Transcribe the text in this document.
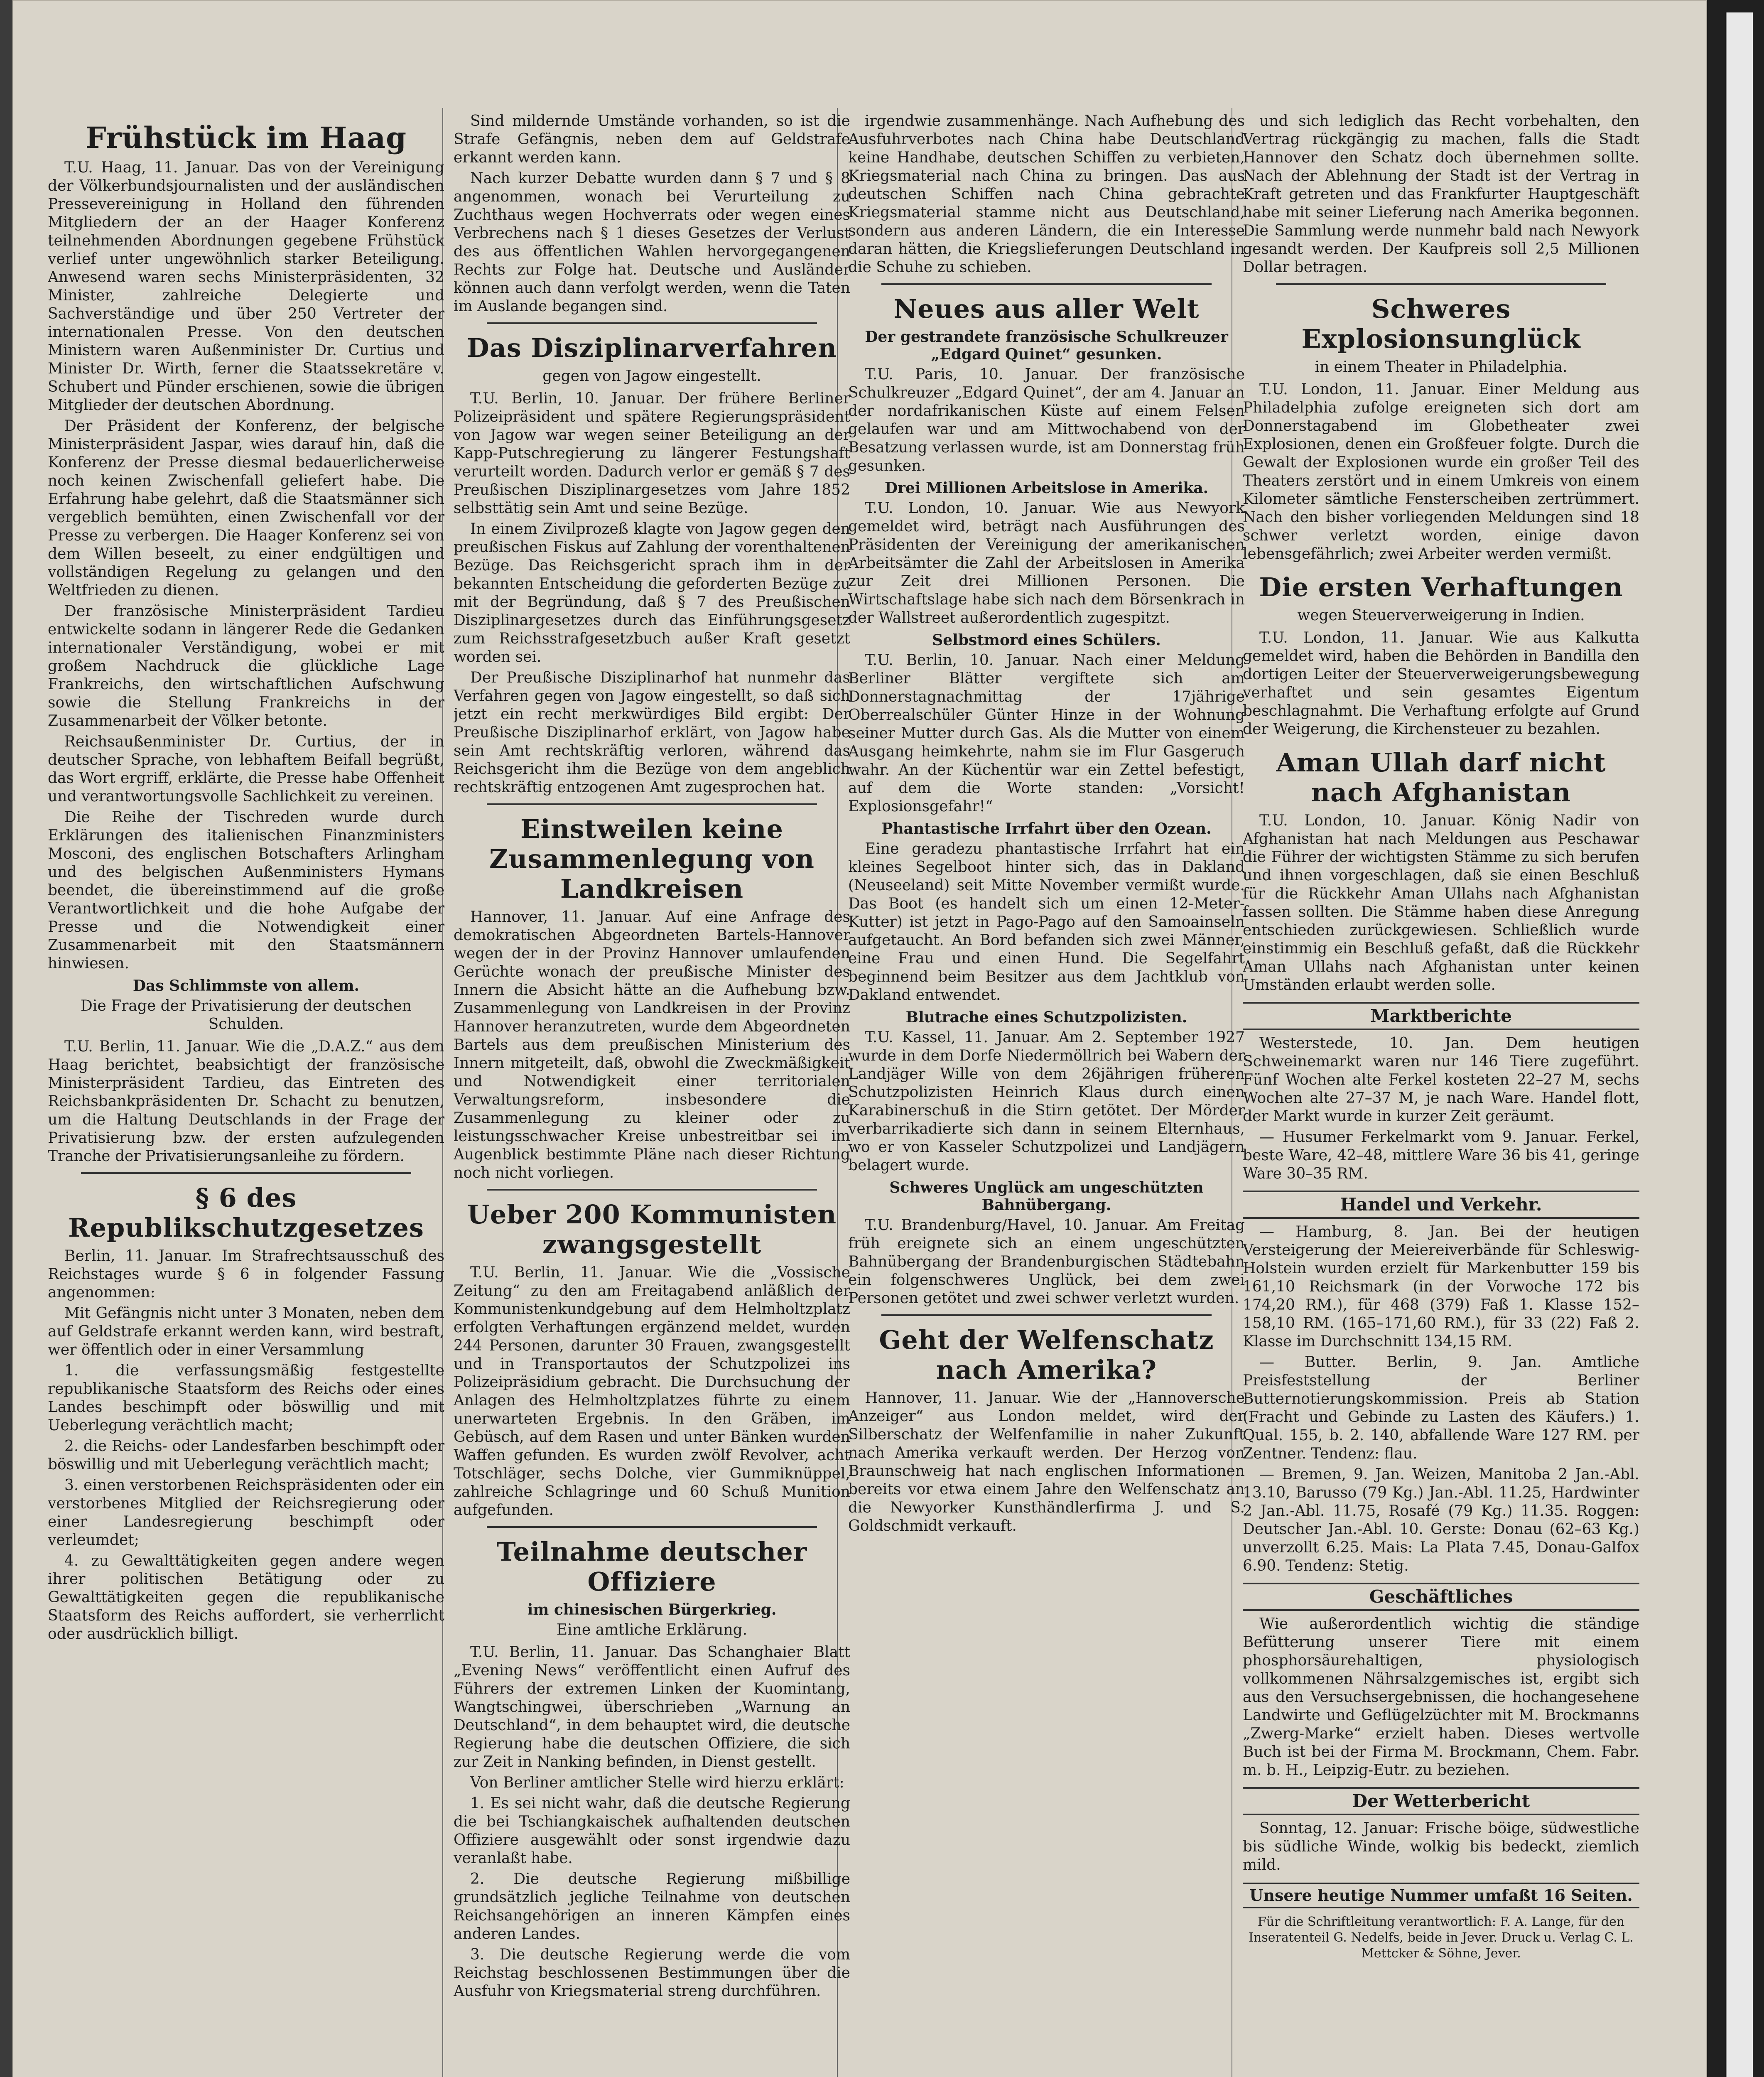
Frühstück im Haag

T.U. Haag, 11. Januar. Das von der Vereinigung der Völkerbundsjournalisten und der ausländischen Pressevereinigung in Holland den führenden Mitgliedern der an der Haager Konferenz teilnehmenden Abordnungen gegebene Frühstück verlief unter ungewöhnlich starker Beteiligung. Anwesend waren sechs Ministerpräsidenten, 32 Minister, zahlreiche Delegierte und Sachverständige und über 250 Vertreter der internationalen Presse. Von den deutschen Ministern waren Außenminister Dr. Curtius und Minister Dr. Wirth, ferner die Staatssekretäre v. Schubert und Pünder erschienen, sowie die übrigen Mitglieder der deutschen Abordnung.

Der Präsident der Konferenz, der belgische Ministerpräsident Jaspar, wies darauf hin, daß die Konferenz der Presse diesmal bedauerlicherweise noch keinen Zwischenfall geliefert habe. Die Erfahrung habe gelehrt, daß die Staatsmänner sich vergeblich bemühten, einen Zwischenfall vor der Presse zu verbergen. Die Haager Konferenz sei von dem Willen beseelt, zu einer endgültigen und vollständigen Regelung zu gelangen und den Weltfrieden zu dienen.

Der französische Ministerpräsident Tardieu entwickelte sodann in längerer Rede die Gedanken internationaler Verständigung, wobei er mit großem Nachdruck die glückliche Lage Frankreichs, den wirtschaftlichen Aufschwung sowie die Stellung Frankreichs in der Zusammenarbeit der Völker betonte.

Reichsaußenminister Dr. Curtius, der in deutscher Sprache, von lebhaftem Beifall begrüßt, das Wort ergriff, erklärte, die Presse habe Offenheit und verantwortungsvolle Sachlichkeit zu vereinen.

Die Reihe der Tischreden wurde durch Erklärungen des italienischen Finanzministers Mosconi, des englischen Botschafters Arlingham und des belgischen Außenministers Hymans beendet, die übereinstimmend auf die große Verantwortlichkeit und die hohe Aufgabe der Presse und die Notwendigkeit einer Zusammenarbeit mit den Staatsmännern hinwiesen.

Das Schlimmste von allem.
Die Frage der Privatisierung der deutschen Schulden.

T.U. Berlin, 11. Januar. Wie die „D.A.Z.“ aus dem Haag berichtet, beabsichtigt der französische Ministerpräsident Tardieu, das Eintreten des Reichsbankpräsidenten Dr. Schacht zu benutzen, um die Haltung Deutschlands in der Frage der Privatisierung bzw. der ersten aufzulegenden Tranche der Privatisierungsanleihe zu fördern.

§ 6 des Republikschutzgesetzes

Berlin, 11. Januar. Im Strafrechtsausschuß des Reichstages wurde § 6 in folgender Fassung angenommen:

Mit Gefängnis nicht unter 3 Monaten, neben dem auf Geldstrafe erkannt werden kann, wird bestraft, wer öffentlich oder in einer Versammlung

1. die verfassungsmäßig festgestellte republikanische Staatsform des Reichs oder eines Landes beschimpft oder böswillig und mit Ueberlegung verächtlich macht;

2. die Reichs- oder Landesfarben beschimpft oder böswillig und mit Ueberlegung verächtlich macht;

3. einen verstorbenen Reichspräsidenten oder ein verstorbenes Mitglied der Reichsregierung oder einer Landesregierung beschimpft oder verleumdet;

4. zu Gewalttätigkeiten gegen andere wegen ihrer politischen Betätigung oder zu Gewalttätigkeiten gegen die republikanische Staatsform des Reichs auffordert, sie verherrlicht oder ausdrücklich billigt.

Sind mildernde Umstände vorhanden, so ist die Strafe Gefängnis, neben dem auf Geldstrafe erkannt werden kann.

Nach kurzer Debatte wurden dann § 7 und § 8 angenommen, wonach bei Verurteilung zu Zuchthaus wegen Hochverrats oder wegen eines Verbrechens nach § 1 dieses Gesetzes der Verlust des aus öffentlichen Wahlen hervorgegangenen Rechts zur Folge hat. Deutsche und Ausländer können auch dann verfolgt werden, wenn die Taten im Auslande begangen sind.

Das Disziplinarverfahren
gegen von Jagow eingestellt.

T.U. Berlin, 10. Januar. Der frühere Berliner Polizeipräsident und spätere Regierungspräsident von Jagow war wegen seiner Beteiligung an der Kapp-Putschregierung zu längerer Festungshaft verurteilt worden. Dadurch verlor er gemäß § 7 des Preußischen Disziplinargesetzes vom Jahre 1852 selbsttätig sein Amt und seine Bezüge.

In einem Zivilprozeß klagte von Jagow gegen den preußischen Fiskus auf Zahlung der vorenthaltenen Bezüge. Das Reichsgericht sprach ihm in der bekannten Entscheidung die geforderten Bezüge zu mit der Begründung, daß § 7 des Preußischen Disziplinargesetzes durch das Einführungsgesetz zum Reichsstrafgesetzbuch außer Kraft gesetzt worden sei.

Der Preußische Disziplinarhof hat nunmehr das Verfahren gegen von Jagow eingestellt, so daß sich jetzt ein recht merkwürdiges Bild ergibt: Der Preußische Disziplinarhof erklärt, von Jagow habe sein Amt rechtskräftig verloren, während das Reichsgericht ihm die Bezüge von dem angeblich rechtskräftig entzogenen Amt zugesprochen hat.

Einstweilen keine Zusammenlegung von Landkreisen

Hannover, 11. Januar. Auf eine Anfrage des demokratischen Abgeordneten Bartels-Hannover wegen der in der Provinz Hannover umlaufenden Gerüchte wonach der preußische Minister des Innern die Absicht hätte an die Aufhebung bzw. Zusammenlegung von Landkreisen in der Provinz Hannover heranzutreten, wurde dem Abgeordneten Bartels aus dem preußischen Ministerium des Innern mitgeteilt, daß, obwohl die Zweckmäßigkeit und Notwendigkeit einer territorialen Verwaltungsreform, insbesondere die Zusammenlegung zu kleiner oder zu leistungsschwacher Kreise unbestreitbar sei im Augenblick bestimmte Pläne nach dieser Richtung noch nicht vorliegen.

Ueber 200 Kommunisten zwangsgestellt

T.U. Berlin, 11. Januar. Wie die „Vossische Zeitung“ zu den am Freitagabend anläßlich der Kommunistenkundgebung auf dem Helmholtzplatz erfolgten Verhaftungen ergänzend meldet, wurden 244 Personen, darunter 30 Frauen, zwangsgestellt und in Transportautos der Schutzpolizei ins Polizeipräsidium gebracht. Die Durchsuchung der Anlagen des Helmholtzplatzes führte zu einem unerwarteten Ergebnis. In den Gräben, im Gebüsch, auf dem Rasen und unter Bänken wurden Waffen gefunden. Es wurden zwölf Revolver, acht Totschläger, sechs Dolche, vier Gummiknüppel, zahlreiche Schlagringe und 60 Schuß Munition aufgefunden.

Teilnahme deutscher Offiziere
im chinesischen Bürgerkrieg.
Eine amtliche Erklärung.

T.U. Berlin, 11. Januar. Das Schanghaier Blatt „Evening News“ veröffentlicht einen Aufruf des Führers der extremen Linken der Kuomintang, Wangtschingwei, überschrieben „Warnung an Deutschland“, in dem behauptet wird, die deutsche Regierung habe die deutschen Offiziere, die sich zur Zeit in Nanking befinden, in Dienst gestellt.

Von Berliner amtlicher Stelle wird hierzu erklärt:

1. Es sei nicht wahr, daß die deutsche Regierung die bei Tschiangkaischek aufhaltenden deutschen Offiziere ausgewählt oder sonst irgendwie dazu veranlaßt habe.

2. Die deutsche Regierung mißbillige grundsätzlich jegliche Teilnahme von deutschen Reichsangehörigen an inneren Kämpfen eines anderen Landes.

3. Die deutsche Regierung werde die vom Reichstag beschlossenen Bestimmungen über die Ausfuhr von Kriegsmaterial streng durchführen.

irgendwie zusammenhänge. Nach Aufhebung des Ausfuhrverbotes nach China habe Deutschland keine Handhabe, deutschen Schiffen zu verbieten, Kriegsmaterial nach China zu bringen. Das aus deutschen Schiffen nach China gebrachte Kriegsmaterial stamme nicht aus Deutschland, sondern aus anderen Ländern, die ein Interesse daran hätten, die Kriegslieferungen Deutschland in die Schuhe zu schieben.

Neues aus aller Welt
Der gestrandete französische Schulkreuzer „Edgard Quinet“ gesunken.

T.U. Paris, 10. Januar. Der französische Schulkreuzer „Edgard Quinet“, der am 4. Januar an der nordafrikanischen Küste auf einem Felsen gelaufen war und am Mittwochabend von der Besatzung verlassen wurde, ist am Donnerstag früh gesunken.

Drei Millionen Arbeitslose in Amerika.

T.U. London, 10. Januar. Wie aus Newyork gemeldet wird, beträgt nach Ausführungen des Präsidenten der Vereinigung der amerikanischen Arbeitsämter die Zahl der Arbeitslosen in Amerika zur Zeit drei Millionen Personen. Die Wirtschaftslage habe sich nach dem Börsenkrach in der Wallstreet außerordentlich zugespitzt.

Selbstmord eines Schülers.

T.U. Berlin, 10. Januar. Nach einer Meldung Berliner Blätter vergiftete sich am Donnerstagnachmittag der 17jährige Oberrealschüler Günter Hinze in der Wohnung seiner Mutter durch Gas. Als die Mutter von einem Ausgang heimkehrte, nahm sie im Flur Gasgeruch wahr. An der Küchentür war ein Zettel befestigt, auf dem die Worte standen: „Vorsicht! Explosionsgefahr!“

Phantastische Irrfahrt über den Ozean.

Eine geradezu phantastische Irrfahrt hat ein kleines Segelboot hinter sich, das in Dakland (Neuseeland) seit Mitte November vermißt wurde. Das Boot (es handelt sich um einen 12-Meter-Kutter) ist jetzt in Pago-Pago auf den Samoainseln aufgetaucht. An Bord befanden sich zwei Männer, eine Frau und einen Hund. Die Segelfahrt beginnend beim Besitzer aus dem Jachtklub von Dakland entwendet.

Blutrache eines Schutzpolizisten.

T.U. Kassel, 11. Januar. Am 2. September 1927 wurde in dem Dorfe Niedermöllrich bei Wabern der Landjäger Wille von dem 26jährigen früheren Schutzpolizisten Heinrich Klaus durch einen Karabinerschuß in die Stirn getötet. Der Mörder verbarrikadierte sich dann in seinem Elternhaus, wo er von Kasseler Schutzpolizei und Landjägern belagert wurde.

Schweres Unglück am ungeschützten Bahnübergang.

T.U. Brandenburg/Havel, 10. Januar. Am Freitag früh ereignete sich an einem ungeschützten Bahnübergang der Brandenburgischen Städtebahn ein folgenschweres Unglück, bei dem zwei Personen getötet und zwei schwer verletzt wurden.

Geht der Welfenschatz nach Amerika?

Hannover, 11. Januar. Wie der „Hannoversche Anzeiger“ aus London meldet, wird der Silberschatz der Welfenfamilie in naher Zukunft nach Amerika verkauft werden. Der Herzog von Braunschweig hat nach englischen Informationen bereits vor etwa einem Jahre den Welfenschatz an die Newyorker Kunsthändlerfirma J. und S. Goldschmidt verkauft.

und sich lediglich das Recht vorbehalten, den Vertrag rückgängig zu machen, falls die Stadt Hannover den Schatz doch übernehmen sollte. Nach der Ablehnung der Stadt ist der Vertrag in Kraft getreten und das Frankfurter Hauptgeschäft habe mit seiner Lieferung nach Amerika begonnen. Die Sammlung werde nunmehr bald nach Newyork gesandt werden. Der Kaufpreis soll 2,5 Millionen Dollar betragen.

Schweres Explosionsunglück
in einem Theater in Philadelphia.

T.U. London, 11. Januar. Einer Meldung aus Philadelphia zufolge ereigneten sich dort am Donnerstagabend im Globetheater zwei Explosionen, denen ein Großfeuer folgte. Durch die Gewalt der Explosionen wurde ein großer Teil des Theaters zerstört und in einem Umkreis von einem Kilometer sämtliche Fensterscheiben zertrümmert. Nach den bisher vorliegenden Meldungen sind 18 schwer verletzt worden, einige davon lebensgefährlich; zwei Arbeiter werden vermißt.

Die ersten Verhaftungen
wegen Steuerverweigerung in Indien.

T.U. London, 11. Januar. Wie aus Kalkutta gemeldet wird, haben die Behörden in Bandilla den dortigen Leiter der Steuerverweigerungsbewegung verhaftet und sein gesamtes Eigentum beschlagnahmt. Die Verhaftung erfolgte auf Grund der Weigerung, die Kirchensteuer zu bezahlen.

Aman Ullah darf nicht nach Afghanistan

T.U. London, 10. Januar. König Nadir von Afghanistan hat nach Meldungen aus Peschawar die Führer der wichtigsten Stämme zu sich berufen und ihnen vorgeschlagen, daß sie einen Beschluß für die Rückkehr Aman Ullahs nach Afghanistan fassen sollten. Die Stämme haben diese Anregung entschieden zurückgewiesen. Schließlich wurde einstimmig ein Beschluß gefaßt, daß die Rückkehr Aman Ullahs nach Afghanistan unter keinen Umständen erlaubt werden solle.

Marktberichte

Westerstede, 10. Jan. Dem heutigen Schweinemarkt waren nur 146 Tiere zugeführt. Fünf Wochen alte Ferkel kosteten 22–27 M, sechs Wochen alte 27–37 M, je nach Ware. Handel flott, der Markt wurde in kurzer Zeit geräumt.

— Husumer Ferkelmarkt vom 9. Januar. Ferkel, beste Ware, 42–48, mittlere Ware 36 bis 41, geringe Ware 30–35 RM.

Handel und Verkehr.

— Hamburg, 8. Jan. Bei der heutigen Versteigerung der Meiereiverbände für Schleswig-Holstein wurden erzielt für Markenbutter 159 bis 161,10 Reichsmark (in der Vorwoche 172 bis 174,20 RM.), für 468 (379) Faß 1. Klasse 152–158,10 RM. (165–171,60 RM.), für 33 (22) Faß 2. Klasse im Durchschnitt 134,15 RM.

— Butter. Berlin, 9. Jan. Amtliche Preisfeststellung der Berliner Butternotierungskommission. Preis ab Station (Fracht und Gebinde zu Lasten des Käufers.) 1. Qual. 155, b. 2. 140, abfallende Ware 127 RM. per Zentner. Tendenz: flau.

— Bremen, 9. Jan. Weizen, Manitoba 2 Jan.-Abl. 13.10, Barusso (79 Kg.) Jan.-Abl. 11.25, Hardwinter 2 Jan.-Abl. 11.75, Rosafé (79 Kg.) 11.35. Roggen: Deutscher Jan.-Abl. 10. Gerste: Donau (62–63 Kg.) unverzollt 6.25. Mais: La Plata 7.45, Donau-Galfox 6.90. Tendenz: Stetig.

Geschäftliches

Wie außerordentlich wichtig die ständige Befütterung unserer Tiere mit einem phosphorsäurehaltigen, physiologisch vollkommenen Nährsalzgemisches ist, ergibt sich aus den Versuchsergebnissen, die hochangesehene Landwirte und Geflügelzüchter mit M. Brockmanns „Zwerg-Marke“ erzielt haben. Dieses wertvolle Buch ist bei der Firma M. Brockmann, Chem. Fabr. m. b. H., Leipzig-Eutr. zu beziehen.

Der Wetterbericht

Sonntag, 12. Januar: Frische böige, südwestliche bis südliche Winde, wolkig bis bedeckt, ziemlich mild.

Unsere heutige Nummer umfaßt 16 Seiten.
Für die Schriftleitung verantwortlich: F. A. Lange, für den Inseratenteil G. Nedelfs, beide in Jever. Druck u. Verlag C. L. Mettcker & Söhne, Jever.
